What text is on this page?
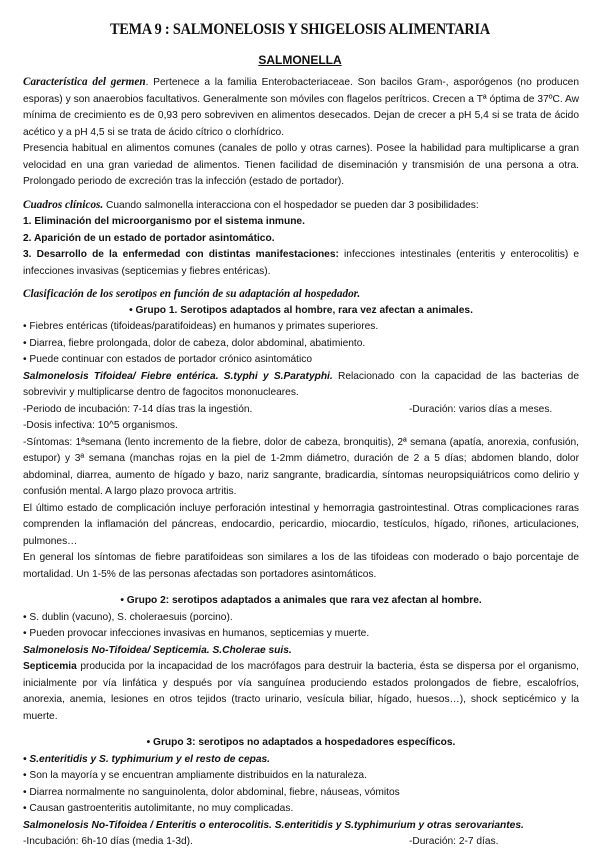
TEMA 9 : SALMONELOSIS Y SHIGELOSIS ALIMENTARIA
SALMONELLA

Característica del germen. Pertenece a la familia Enterobacteriaceae. Son bacilos Gram-, asporógenos (no producen esporas) y son anaerobios facultativos. Generalmente son móviles con flagelos perítricos. Crecen a Tª óptima de 37ºC. Aw mínima de crecimiento es de 0,93 pero sobreviven en alimentos desecados. Dejan de crecer a pH 5,4 si se trata de ácido acético y a pH 4,5 si se trata de ácido cítrico o clorhídrico.

Presencia habitual en alimentos comunes (canales de pollo y otras carnes). Posee la habilidad para multiplicarse a gran velocidad en una gran variedad de alimentos. Tienen facilidad de diseminación y transmisión de una persona a otra. Prolongado periodo de excreción tras la infección (estado de portador).

Cuadros clínicos. Cuando salmonella interacciona con el hospedador se pueden dar 3 posibilidades:

1. Eliminación del microorganismo por el sistema inmune.

2. Aparición de un estado de portador asintomático.

3. Desarrollo de la enfermedad con distintas manifestaciones: infecciones intestinales (enteritis y enterocolitis) e infecciones invasivas (septicemias y fiebres entéricas).

Clasificación de los serotipos en función de su adaptación al hospedador.

• Grupo 1. Serotipos adaptados al hombre, rara vez afectan a animales.

• Fiebres entéricas (tifoideas/paratifoideas) en humanos y primates superiores.

• Diarrea, fiebre prolongada, dolor de cabeza, dolor abdominal, abatimiento.

• Puede continuar con estados de portador crónico asintomático

Salmonelosis Tifoidea/ Fiebre entérica. S.typhi y S.Paratyphi. Relacionado con la capacidad de las bacterias de sobrevivir y multiplicarse dentro de fagocitos mononucleares.

-Periodo de incubación: 7-14 días tras la ingestión.	-Duración: varios días a meses.

-Dosis infectiva: 10^5 organismos.

-Síntomas: 1ªsemana (lento incremento de la fiebre, dolor de cabeza, bronquitis), 2ª semana (apatía, anorexia, confusión, estupor) y 3ª semana (manchas rojas en la piel de 1-2mm diámetro, duración de 2 a 5 días; abdomen blando, dolor abdominal, diarrea, aumento de hígado y bazo, nariz sangrante, bradicardia, síntomas neuropsiquiátricos como delirio y confusión mental. A largo plazo provoca artritis.

El último estado de complicación incluye perforación intestinal y hemorragia gastrointestinal. Otras complicaciones raras comprenden la inflamación del páncreas, endocardio, pericardio, miocardio, testículos, hígado, riñones, articulaciones, pulmones…

En general los síntomas de fiebre paratifoideas son similares a los de las tifoideas con moderado o bajo porcentaje de mortalidad. Un 1-5% de las personas afectadas son portadores asintomáticos.

• Grupo 2: serotipos adaptados a animales que rara vez afectan al hombre.

• S. dublin (vacuno), S. choleraesuis (porcino).

• Pueden provocar infecciones invasivas en humanos, septicemias y muerte.

Salmonelosis No-Tifoidea/ Septicemia. S.Cholerae suis.

Septicemia producida por la incapacidad de los macrófagos para destruir la bacteria, ésta se dispersa por el organismo, inicialmente por vía linfática y después por vía sanguínea produciendo estados prolongados de fiebre, escalofríos, anorexia, anemia, lesiones en otros tejidos (tracto urinario, vesícula biliar, hígado, huesos…), shock septicémico y la muerte.

• Grupo 3: serotipos no adaptados a hospedadores específicos.

• S.enteritidis y S. typhimurium y el resto de cepas.

• Son la mayoría y se encuentran ampliamente distribuidos en la naturaleza.

• Diarrea normalmente no sanguinolenta, dolor abdominal, fiebre, náuseas, vómitos

• Causan gastroenteritis autolimitante, no muy complicadas.

Salmonelosis No-Tifoidea / Enteritis o enterocolitis. S.enteritidis y S.typhimurium y otras serovariantes.

-Incubación: 6h-10 días (media 1-3d).	-Duración: 2-7 días.
